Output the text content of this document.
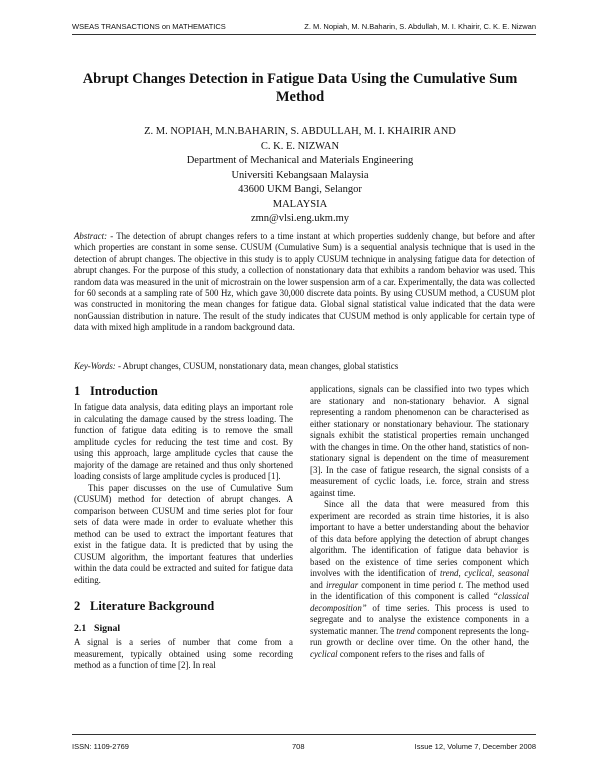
WSEAS TRANSACTIONS on MATHEMATICS	Z. M. Nopiah, M. N.Baharin, S. Abdullah, M. I. Khairir, C. K. E. Nizwan
Abrupt Changes Detection in Fatigue Data Using the Cumulative Sum Method
Z. M. NOPIAH, M.N.BAHARIN, S. ABDULLAH, M. I. KHAIRIR AND
C. K. E. NIZWAN
Department of Mechanical and Materials Engineering
Universiti Kebangsaan Malaysia
43600 UKM Bangi, Selangor
MALAYSIA
zmn@vlsi.eng.ukm.my
Abstract: - The detection of abrupt changes refers to a time instant at which properties suddenly change, but before and after which properties are constant in some sense. CUSUM (Cumulative Sum) is a sequential analysis technique that is used in the detection of abrupt changes. The objective in this study is to apply CUSUM technique in analysing fatigue data for detection of abrupt changes. For the purpose of this study, a collection of nonstationary data that exhibits a random behavior was used. This random data was measured in the unit of microstrain on the lower suspension arm of a car. Experimentally, the data was collected for 60 seconds at a sampling rate of 500 Hz, which gave 30,000 discrete data points. By using CUSUM method, a CUSUM plot was constructed in monitoring the mean changes for fatigue data. Global signal statistical value indicated that the data were nonGaussian distribution in nature. The result of the study indicates that CUSUM method is only applicable for certain type of data with mixed high amplitude in a random background data.
Key-Words: - Abrupt changes, CUSUM, nonstationary data, mean changes, global statistics
1 Introduction

In fatigue data analysis, data editing plays an important role in calculating the damage caused by the stress loading. The function of fatigue data editing is to remove the small amplitude cycles for reducing the test time and cost. By using this approach, large amplitude cycles that cause the majority of the damage are retained and thus only shortened loading consists of large amplitude cycles is produced [1].

This paper discusses on the use of Cumulative Sum (CUSUM) method for detection of abrupt changes. A comparison between CUSUM and time series plot for four sets of data were made in order to evaluate whether this method can be used to extract the important features that exist in the fatigue data. It is predicted that by using the CUSUM algorithm, the important features that underlies within the data could be extracted and suited for fatigue data editing.

2 Literature Background
2.1 Signal

A signal is a series of number that come from a measurement, typically obtained using some recording method as a function of time [2]. In real

applications, signals can be classified into two types which are stationary and non-stationary behavior. A signal representing a random phenomenon can be characterised as either stationary or nonstationary behaviour. The stationary signals exhibit the statistical properties remain unchanged with the changes in time. On the other hand, statistics of non-stationary signal is dependent on the time of measurement [3]. In the case of fatigue research, the signal consists of a measurement of cyclic loads, i.e. force, strain and stress against time.

Since all the data that were measured from this experiment are recorded as strain time histories, it is also important to have a better understanding about the behavior of this data before applying the detection of abrupt changes algorithm. The identification of fatigue data behavior is based on the existence of time series component which involves with the identification of trend, cyclical, seasonal and irregular component in time period t. The method used in the identification of this component is called “classical decomposition” of time series. This process is used to segregate and to analyse the existence components in a systematic manner. The trend component represents the long-run growth or decline over time. On the other hand, the cyclical component refers to the rises and falls of

ISSN: 1109-2769	708	Issue 12, Volume 7, December 2008
